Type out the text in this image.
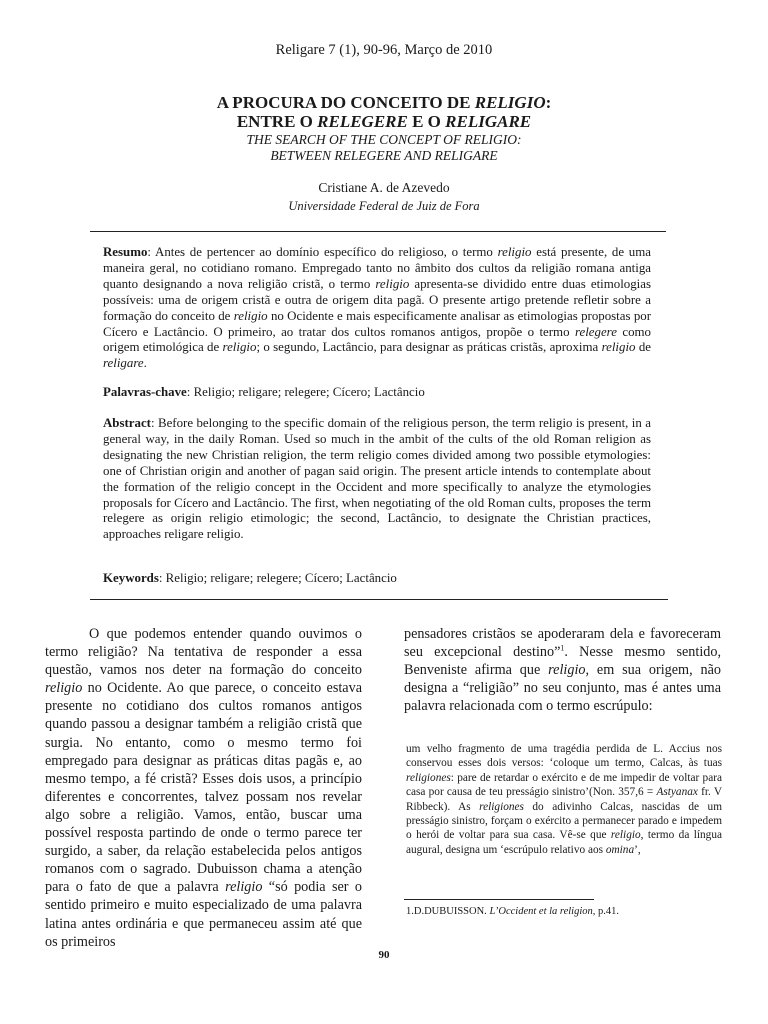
Religare 7 (1), 90-96, Março de 2010
A PROCURA DO CONCEITO DE RELIGIO:
ENTRE O RELEGERE E O RELIGARE
THE SEARCH OF THE CONCEPT OF RELIGIO:
BETWEEN RELEGERE AND RELIGARE
Cristiane A. de Azevedo
Universidade Federal de Juiz de Fora

Resumo: Antes de pertencer ao domínio específico do religioso, o termo religio está presente, de uma maneira geral, no cotidiano romano. Empregado tanto no âmbito dos cultos da religião romana antiga quanto designando a nova religião cristã, o termo religio apresenta-se dividido entre duas etimologias possíveis: uma de origem cristã e outra de origem dita pagã. O presente artigo pretende refletir sobre a formação do conceito de religio no Ocidente e mais especificamente analisar as etimologias propostas por Cícero e Lactâncio. O primeiro, ao tratar dos cultos romanos antigos, propõe o termo relegere como origem etimológica de religio; o segundo, Lactâncio, para designar as práticas cristãs, aproxima religio de religare.

Palavras-chave: Religio; religare; relegere; Cícero; Lactâncio

Abstract: Before belonging to the specific domain of the religious person, the term religio is present, in a general way, in the daily Roman. Used so much in the ambit of the cults of the old Roman religion as designating the new Christian religion, the term religio comes divided among two possible etymologies: one of Christian origin and another of pagan said origin. The present article intends to contemplate about the formation of the religio concept in the Occident and more specifically to analyze the etymologies proposals for Cícero and Lactâncio. The first, when negotiating of the old Roman cults, proposes the term relegere as origin religio etimologic; the second, Lactâncio, to designate the Christian practices, approaches religare religio.

Keywords: Religio; religare; relegere; Cícero; Lactâncio

O que podemos entender quando ouvimos o termo religião? Na tentativa de responder a essa questão, vamos nos deter na formação do conceito religio no Ocidente. Ao que parece, o conceito estava presente no cotidiano dos cultos romanos antigos quando passou a designar também a religião cristã que surgia. No entanto, como o mesmo termo foi empregado para designar as práticas ditas pagãs e, ao mesmo tempo, a fé cristã? Esses dois usos, a princípio diferentes e concorrentes, talvez possam nos revelar algo sobre a religião. Vamos, então, buscar uma possível resposta partindo de onde o termo parece ter surgido, a saber, da relação estabelecida pelos antigos romanos com o sagrado. Dubuisson chama a atenção para o fato de que a palavra religio “só podia ser o sentido primeiro e muito especializado de uma palavra latina antes ordinária e que permaneceu assim até que os primeiros

pensadores cristãos se apoderaram dela e favoreceram seu excepcional destino”$^1$. Nesse mesmo sentido, Benveniste afirma que religio, em sua origem, não designa a “religião” no seu conjunto, mas é antes uma palavra relacionada com o termo escrúpulo:

um velho fragmento de uma tragédia perdida de L. Accius nos conservou esses dois versos: ‘coloque um termo, Calcas, às tuas religiones: pare de retardar o exército e de me impedir de voltar para casa por causa de teu presságio sinistro’(Non. 357,6 = Astyanax fr. V Ribbeck). As religiones do adivinho Calcas, nascidas de um presságio sinistro, forçam o exército a permanecer parado e impedem o herói de voltar para sua casa. Vê-se que religio, termo da língua augural, designa um ‘escrúpulo relativo aos omina’,

1.D.DUBUISSON. L’Occident et la religion, p.41.
90
